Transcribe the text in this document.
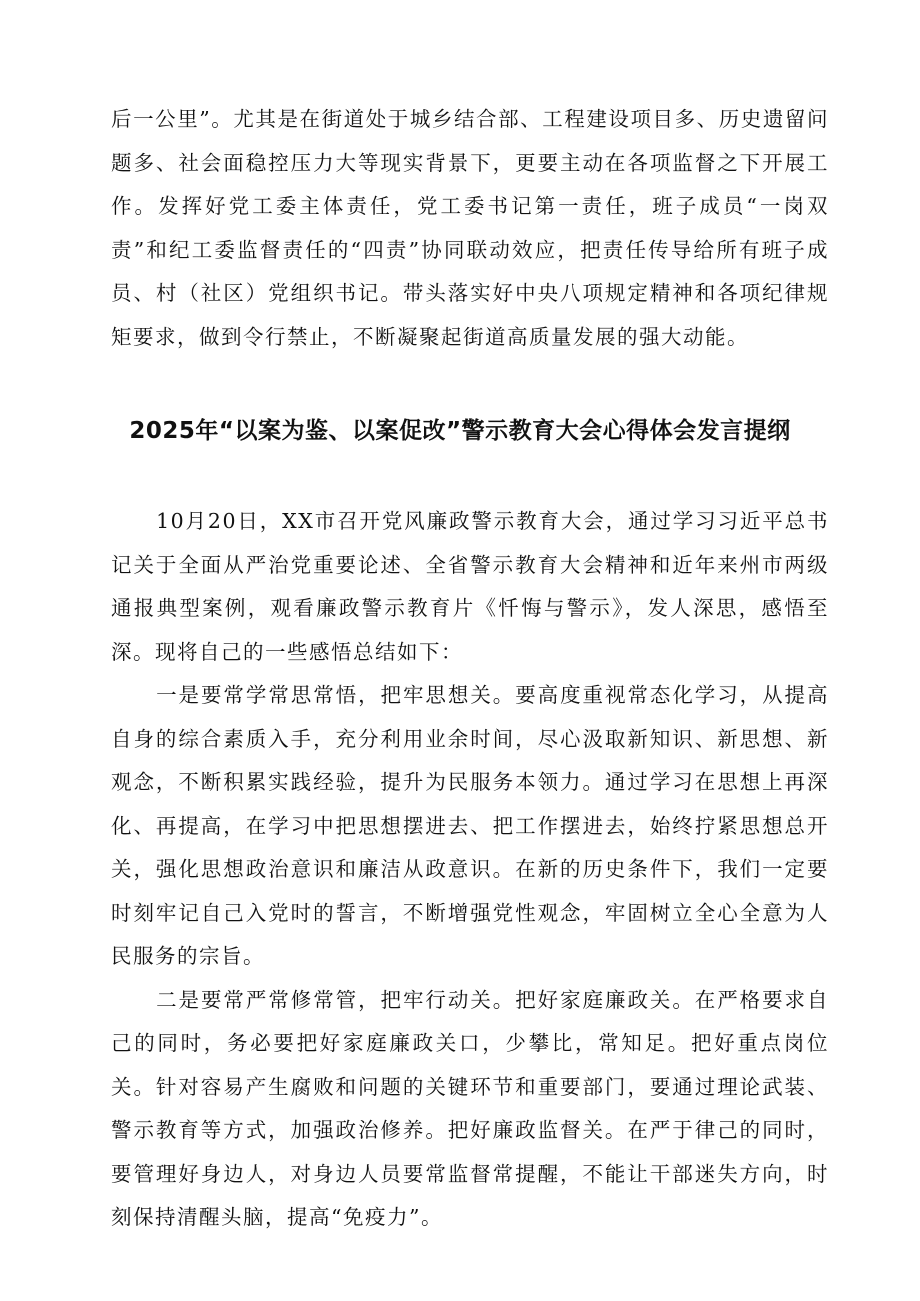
后一公里”。尤其是在街道处于城乡结合部、工程建设项目多、历史遗留问题多、社会面稳控压力大等现实背景下，更要主动在各项监督之下开展工作。发挥好党工委主体责任，党工委书记第一责任，班子成员“一岗双责”和纪工委监督责任的“四责”协同联动效应，把责任传导给所有班子成员、村（社区）党组织书记。带头落实好中央八项规定精神和各项纪律规矩要求，做到令行禁止，不断凝聚起街道高质量发展的强大动能。

2025年“以案为鉴、以案促改”警示教育大会心得体会发言提纲

10月20日，XX市召开党风廉政警示教育大会，通过学习习近平总书记关于全面从严治党重要论述、全省警示教育大会精神和近年来州市两级通报典型案例，观看廉政警示教育片《忏悔与警示》，发人深思，感悟至深。现将自己的一些感悟总结如下：

一是要常学常思常悟，把牢思想关。要高度重视常态化学习，从提高自身的综合素质入手，充分利用业余时间，尽心汲取新知识、新思想、新观念，不断积累实践经验，提升为民服务本领力。通过学习在思想上再深化、再提高，在学习中把思想摆进去、把工作摆进去，始终拧紧思想总开关，强化思想政治意识和廉洁从政意识。在新的历史条件下，我们一定要时刻牢记自己入党时的誓言，不断增强党性观念，牢固树立全心全意为人民服务的宗旨。

二是要常严常修常管，把牢行动关。把好家庭廉政关。在严格要求自己的同时，务必要把好家庭廉政关口，少攀比，常知足。把好重点岗位关。针对容易产生腐败和问题的关键环节和重要部门，要通过理论武装、警示教育等方式，加强政治修养。把好廉政监督关。在严于律己的同时，要管理好身边人，对身边人员要常监督常提醒，不能让干部迷失方向，时刻保持清醒头脑，提高“免疫力”。
